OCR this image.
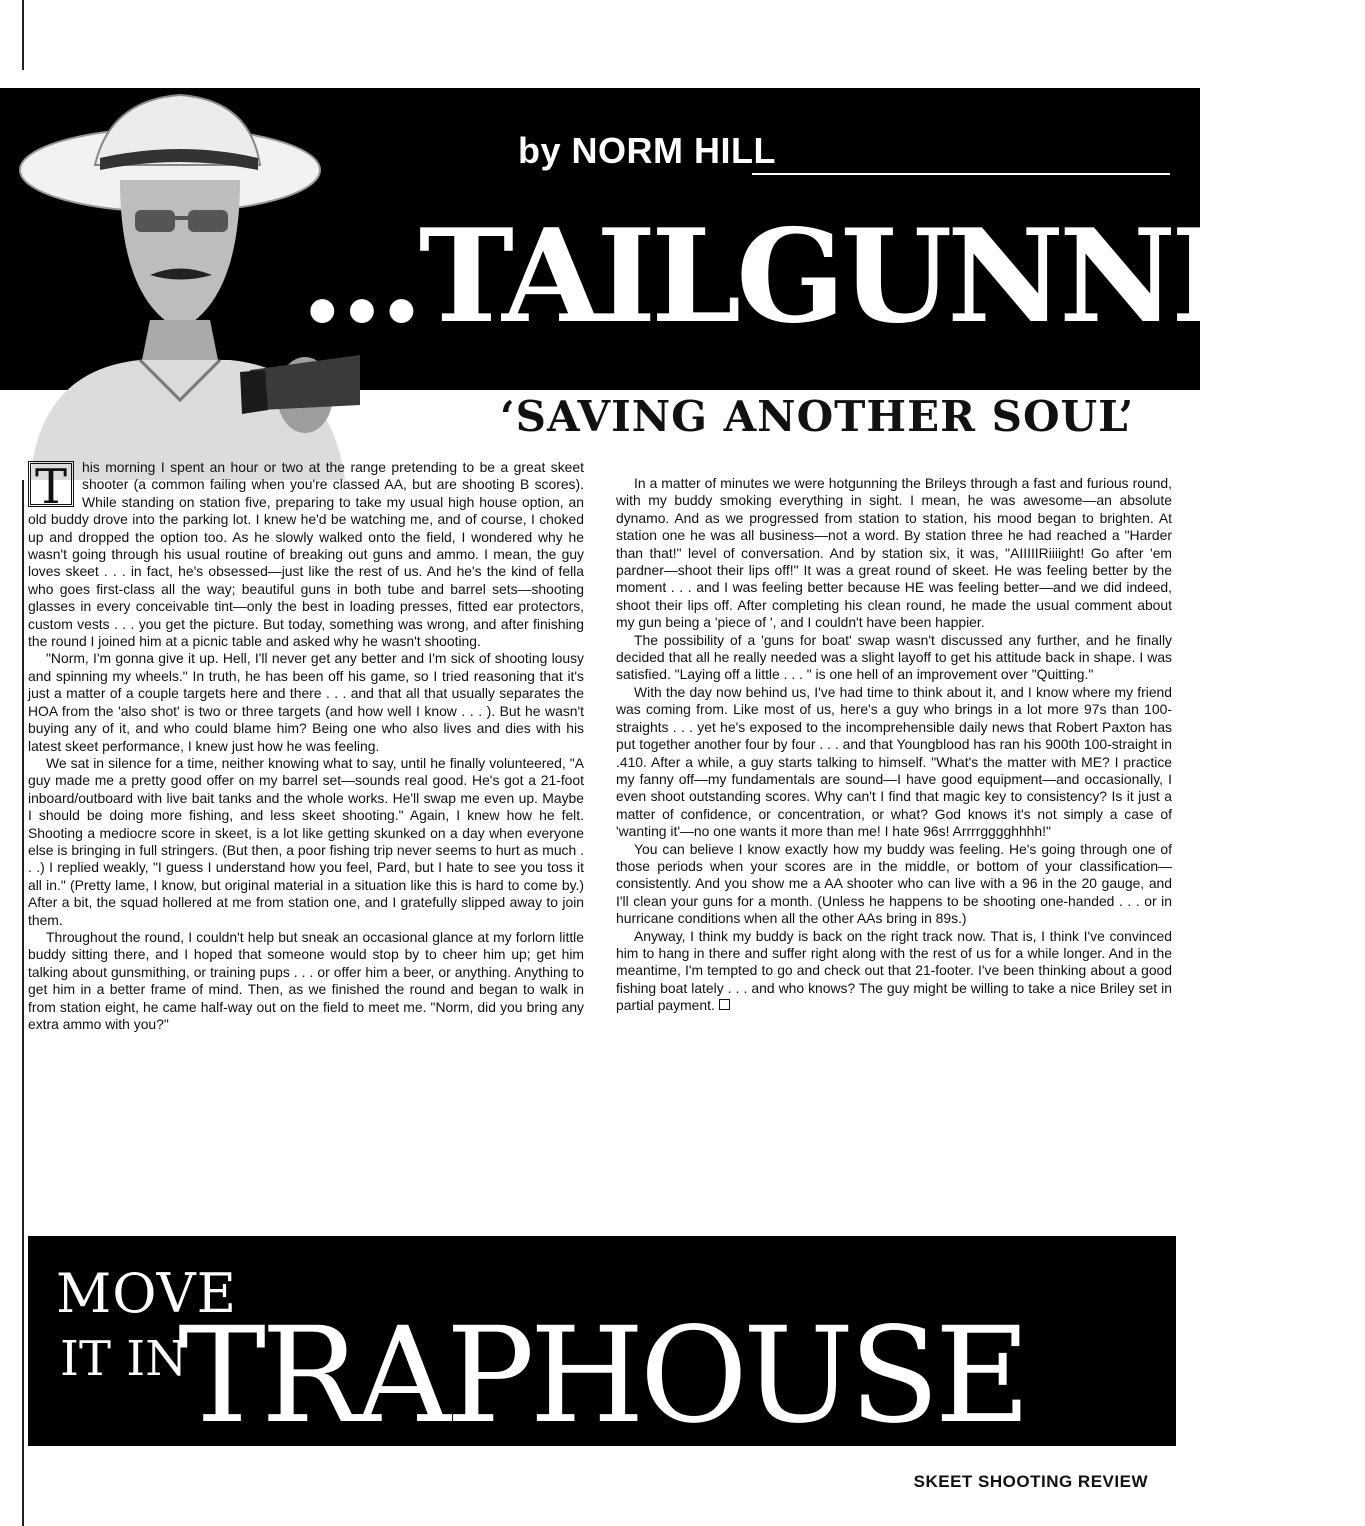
by NORM HILL
...TAILGUNNER
‘SAVING ANOTHER SOUL’

T	his morning I spent an hour or two at the range pretending to be a great skeet shooter (a common failing when you're classed AA, but are shooting B scores). While standing on station five, preparing to take my usual high house option, an old buddy drove into the parking lot. I knew he'd be watching me, and of course, I choked up and dropped the option too. As he slowly walked onto the field, I wondered why he wasn't going through his usual routine of breaking out guns and ammo. I mean, the guy loves skeet . . . in fact, he's obsessed—just like the rest of us. And he's the kind of fella who goes first-class all the way; beautiful guns in both tube and barrel sets—shooting glasses in every conceivable tint—only the best in loading presses, fitted ear protectors, custom vests . . . you get the picture. But today, something was wrong, and after finishing the round I joined him at a picnic table and asked why he wasn't shooting.

"Norm, I'm gonna give it up. Hell, I'll never get any better and I'm sick of shooting lousy and spinning my wheels." In truth, he has been off his game, so I tried reasoning that it's just a matter of a couple targets here and there . . . and that all that usually separates the HOA from the 'also shot' is two or three targets (and how well I know . . . ). But he wasn't buying any of it, and who could blame him? Being one who also lives and dies with his latest skeet performance, I knew just how he was feeling.

We sat in silence for a time, neither knowing what to say, until he finally volunteered, "A guy made me a pretty good offer on my barrel set—sounds real good. He's got a 21-foot inboard/outboard with live bait tanks and the whole works. He'll swap me even up. Maybe I should be doing more fishing, and less skeet shooting." Again, I knew how he felt. Shooting a mediocre score in skeet, is a lot like getting skunked on a day when everyone else is bringing in full stringers. (But then, a poor fishing trip never seems to hurt as much . . .) I replied weakly, "I guess I understand how you feel, Pard, but I hate to see you toss it all in." (Pretty lame, I know, but original material in a situation like this is hard to come by.) After a bit, the squad hollered at me from station one, and I gratefully slipped away to join them.

Throughout the round, I couldn't help but sneak an occasional glance at my forlorn little buddy sitting there, and I hoped that someone would stop by to cheer him up; get him talking about gunsmithing, or training pups . . . or offer him a beer, or anything. Anything to get him in a better frame of mind. Then, as we finished the round and began to walk in from station eight, he came half-way out on the field to meet me. "Norm, did you bring any extra ammo with you?"

In a matter of minutes we were hotgunning the Brileys through a fast and furious round, with my buddy smoking everything in sight. I mean, he was awesome—an absolute dynamo. And as we progressed from station to station, his mood began to brighten. At station one he was all business—not a word. By station three he had reached a "Harder than that!" level of conversation. And by station six, it was, "AIIIIIRiiiight! Go after 'em pardner—shoot their lips off!" It was a great round of skeet. He was feeling better by the moment . . . and I was feeling better because HE was feeling better—and we did indeed, shoot their lips off. After completing his clean round, he made the usual comment about my gun being a 'piece of ', and I couldn't have been happier.

The possibility of a 'guns for boat' swap wasn't discussed any further, and he finally decided that all he really needed was a slight layoff to get his attitude back in shape. I was satisfied. "Laying off a little . . . " is one hell of an improvement over "Quitting."

With the day now behind us, I've had time to think about it, and I know where my friend was coming from. Like most of us, here's a guy who brings in a lot more 97s than 100-straights . . . yet he's exposed to the incomprehensible daily news that Robert Paxton has put together another four by four . . . and that Youngblood has ran his 900th 100-straight in .410. After a while, a guy starts talking to himself. "What's the matter with ME? I practice my fanny off—my fundamentals are sound—I have good equipment—and occasionally, I even shoot outstanding scores. Why can't I find that magic key to consistency? Is it just a matter of confidence, or concentration, or what? God knows it's not simply a case of 'wanting it'—no one wants it more than me! I hate 96s! Arrrrgggghhhh!"

You can believe I know exactly how my buddy was feeling. He's going through one of those periods when your scores are in the middle, or bottom of your classification—consistently. And you show me a AA shooter who can live with a 96 in the 20 gauge, and I'll clean your guns for a month. (Unless he happens to be shooting one-handed . . . or in hurricane conditions when all the other AAs bring in 89s.)

Anyway, I think my buddy is back on the right track now. That is, I think I've convinced him to hang in there and suffer right along with the rest of us for a while longer. And in the meantime, I'm tempted to go and check out that 21-footer. I've been thinking about a good fishing boat lately . . . and who knows? The guy might be willing to take a nice Briley set in partial payment.

MOVE
IT IN
TRAPHOUSE
SKEET SHOOTING REVIEW
